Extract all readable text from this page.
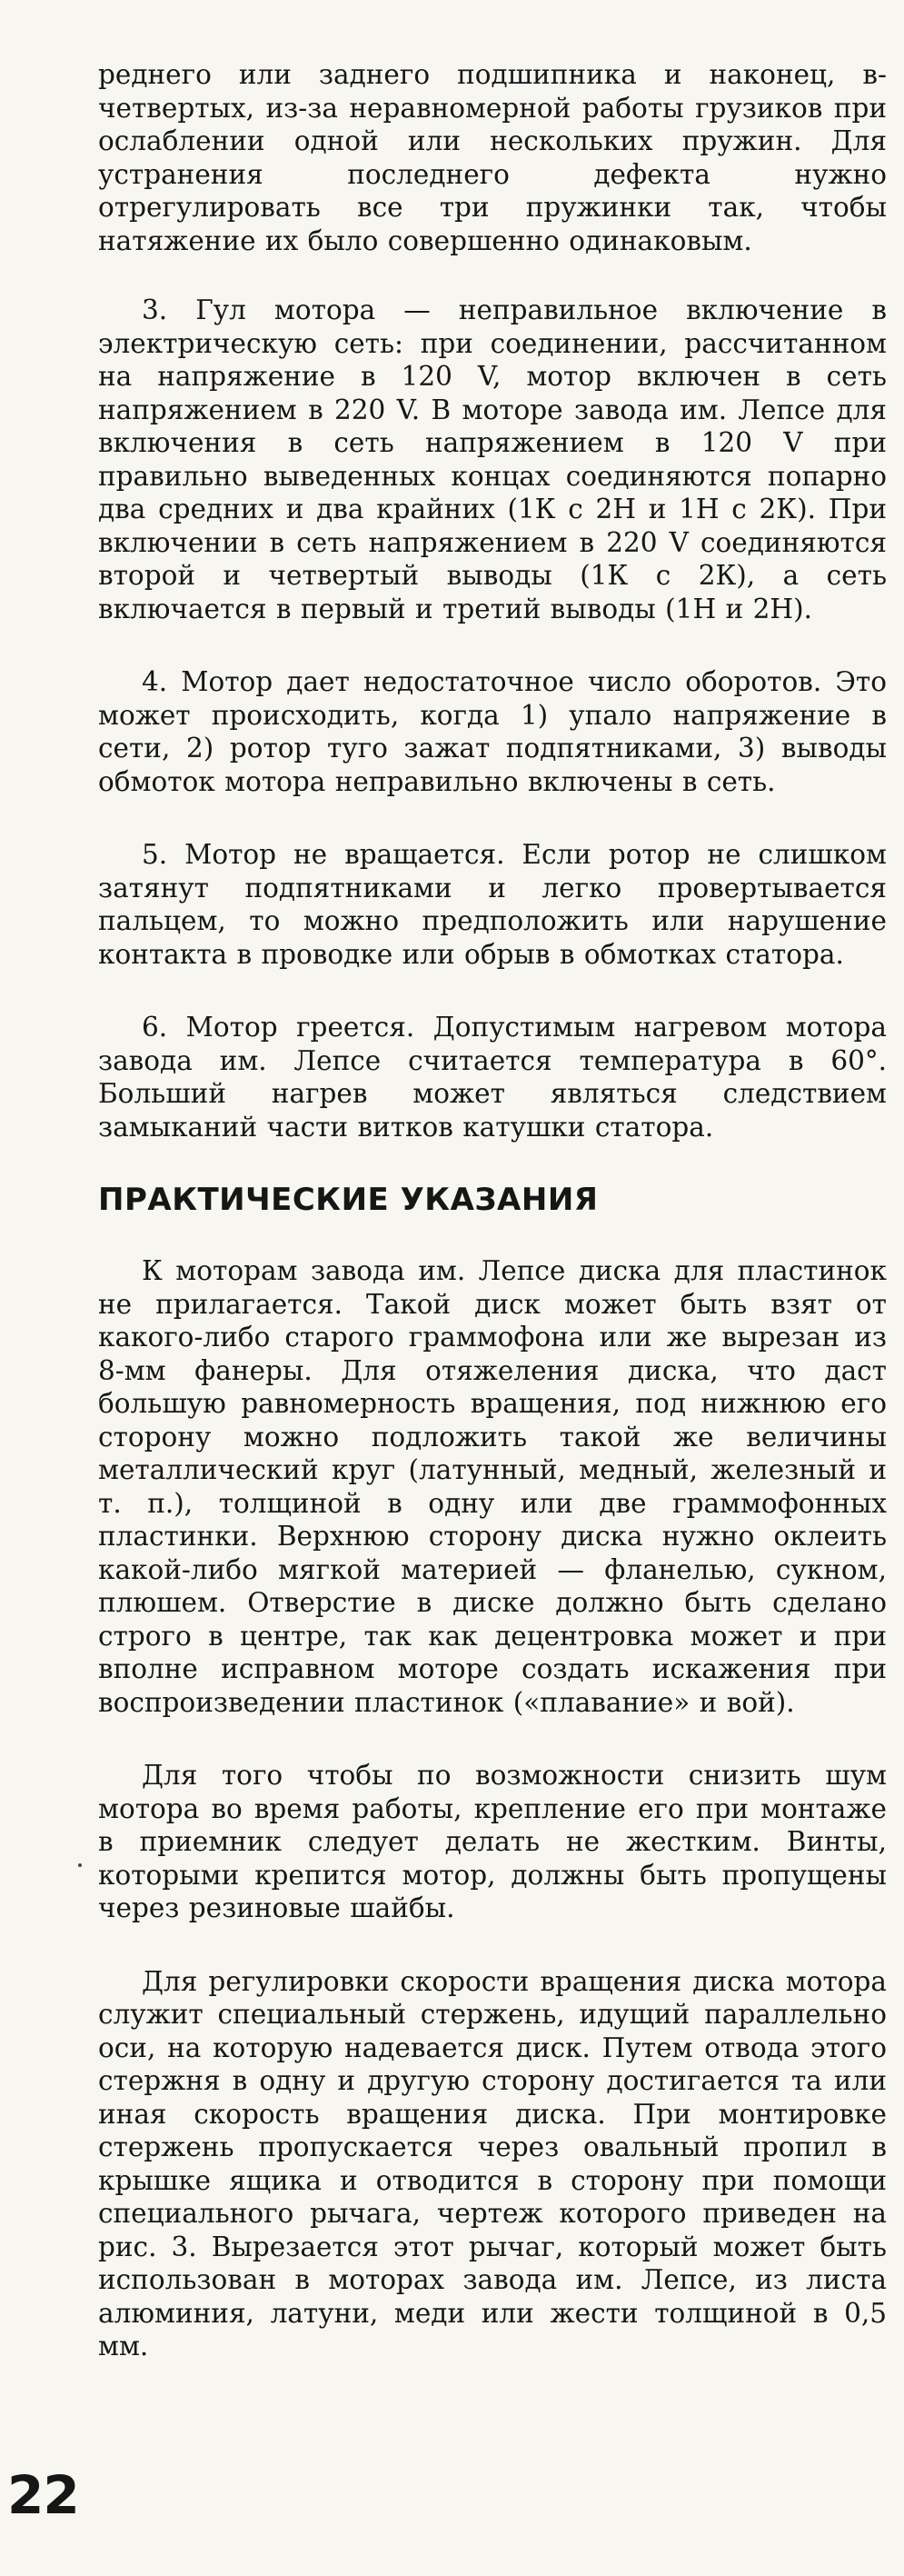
реднего или заднего подшипника и наконец, в-четвертых, из-за неравномерной работы грузиков при ослаблении одной или нескольких пружин. Для устранения последнего дефекта нужно отрегулировать все три пружинки так, чтобы натяжение их было совершенно одинаковым.

3. Гул мотора — неправильное включение в электрическую сеть: при соединении, рассчитанном на напряжение в 120 V, мотор включен в сеть напряжением в 220 V. В моторе завода им. Лепсе для включения в сеть напряжением в 120 V при правильно выведенных концах соединяются попарно два средних и два крайних (1К с 2Н и 1Н с 2К). При включении в сеть напряжением в 220 V соединяются второй и четвертый выводы (1К с 2К), а сеть включается в первый и третий выводы (1Н и 2Н).

4. Мотор дает недостаточное число оборотов. Это может происходить, когда 1) упало напряжение в сети, 2) ротор туго зажат подпятниками, 3) выводы обмоток мотора неправильно включены в сеть.

5. Мотор не вращается. Если ротор не слишком затянут подпятниками и легко провертывается пальцем, то можно предположить или нарушение контакта в проводке или обрыв в обмотках статора.

6. Мотор греется. Допустимым нагревом мотора завода им. Лепсе считается температура в 60°. Больший нагрев может являться следствием замыканий части витков катушки статора.

ПРАКТИЧЕСКИЕ УКАЗАНИЯ

К моторам завода им. Лепсе диска для пластинок не прилагается. Такой диск может быть взят от какого-либо старого граммофона или же вырезан из 8-мм фанеры. Для отяжеления диска, что даст большую равномерность вращения, под нижнюю его сторону можно подложить такой же величины металлический круг (латунный, медный, железный и т. п.), толщиной в одну или две граммофонных пластинки. Верхнюю сторону диска нужно оклеить какой-либо мягкой материей — фланелью, сукном, плюшем. Отверстие в диске должно быть сделано строго в центре, так как децентровка может и при вполне исправном моторе создать искажения при воспроизведении пластинок («плавание» и вой).

Для того чтобы по возможности снизить шум мотора во время работы, крепление его при монтаже в приемник следует делать не жестким. Винты, которыми крепится мотор, должны быть пропущены через резиновые шайбы.

Для регулировки скорости вращения диска мотора служит специальный стержень, идущий параллельно оси, на которую надевается диск. Путем отвода этого стержня в одну и другую сторону достигается та или иная скорость вращения диска. При монтировке стержень пропускается через овальный пропил в крышке ящика и отводится в сторону при помощи специального рычага, чертеж которого приведен на рис. 3. Вырезается этот рычаг, который может быть использован в моторах завода им. Лепсе, из листа алюминия, латуни, меди или жести толщиной в 0,5 мм.

22
